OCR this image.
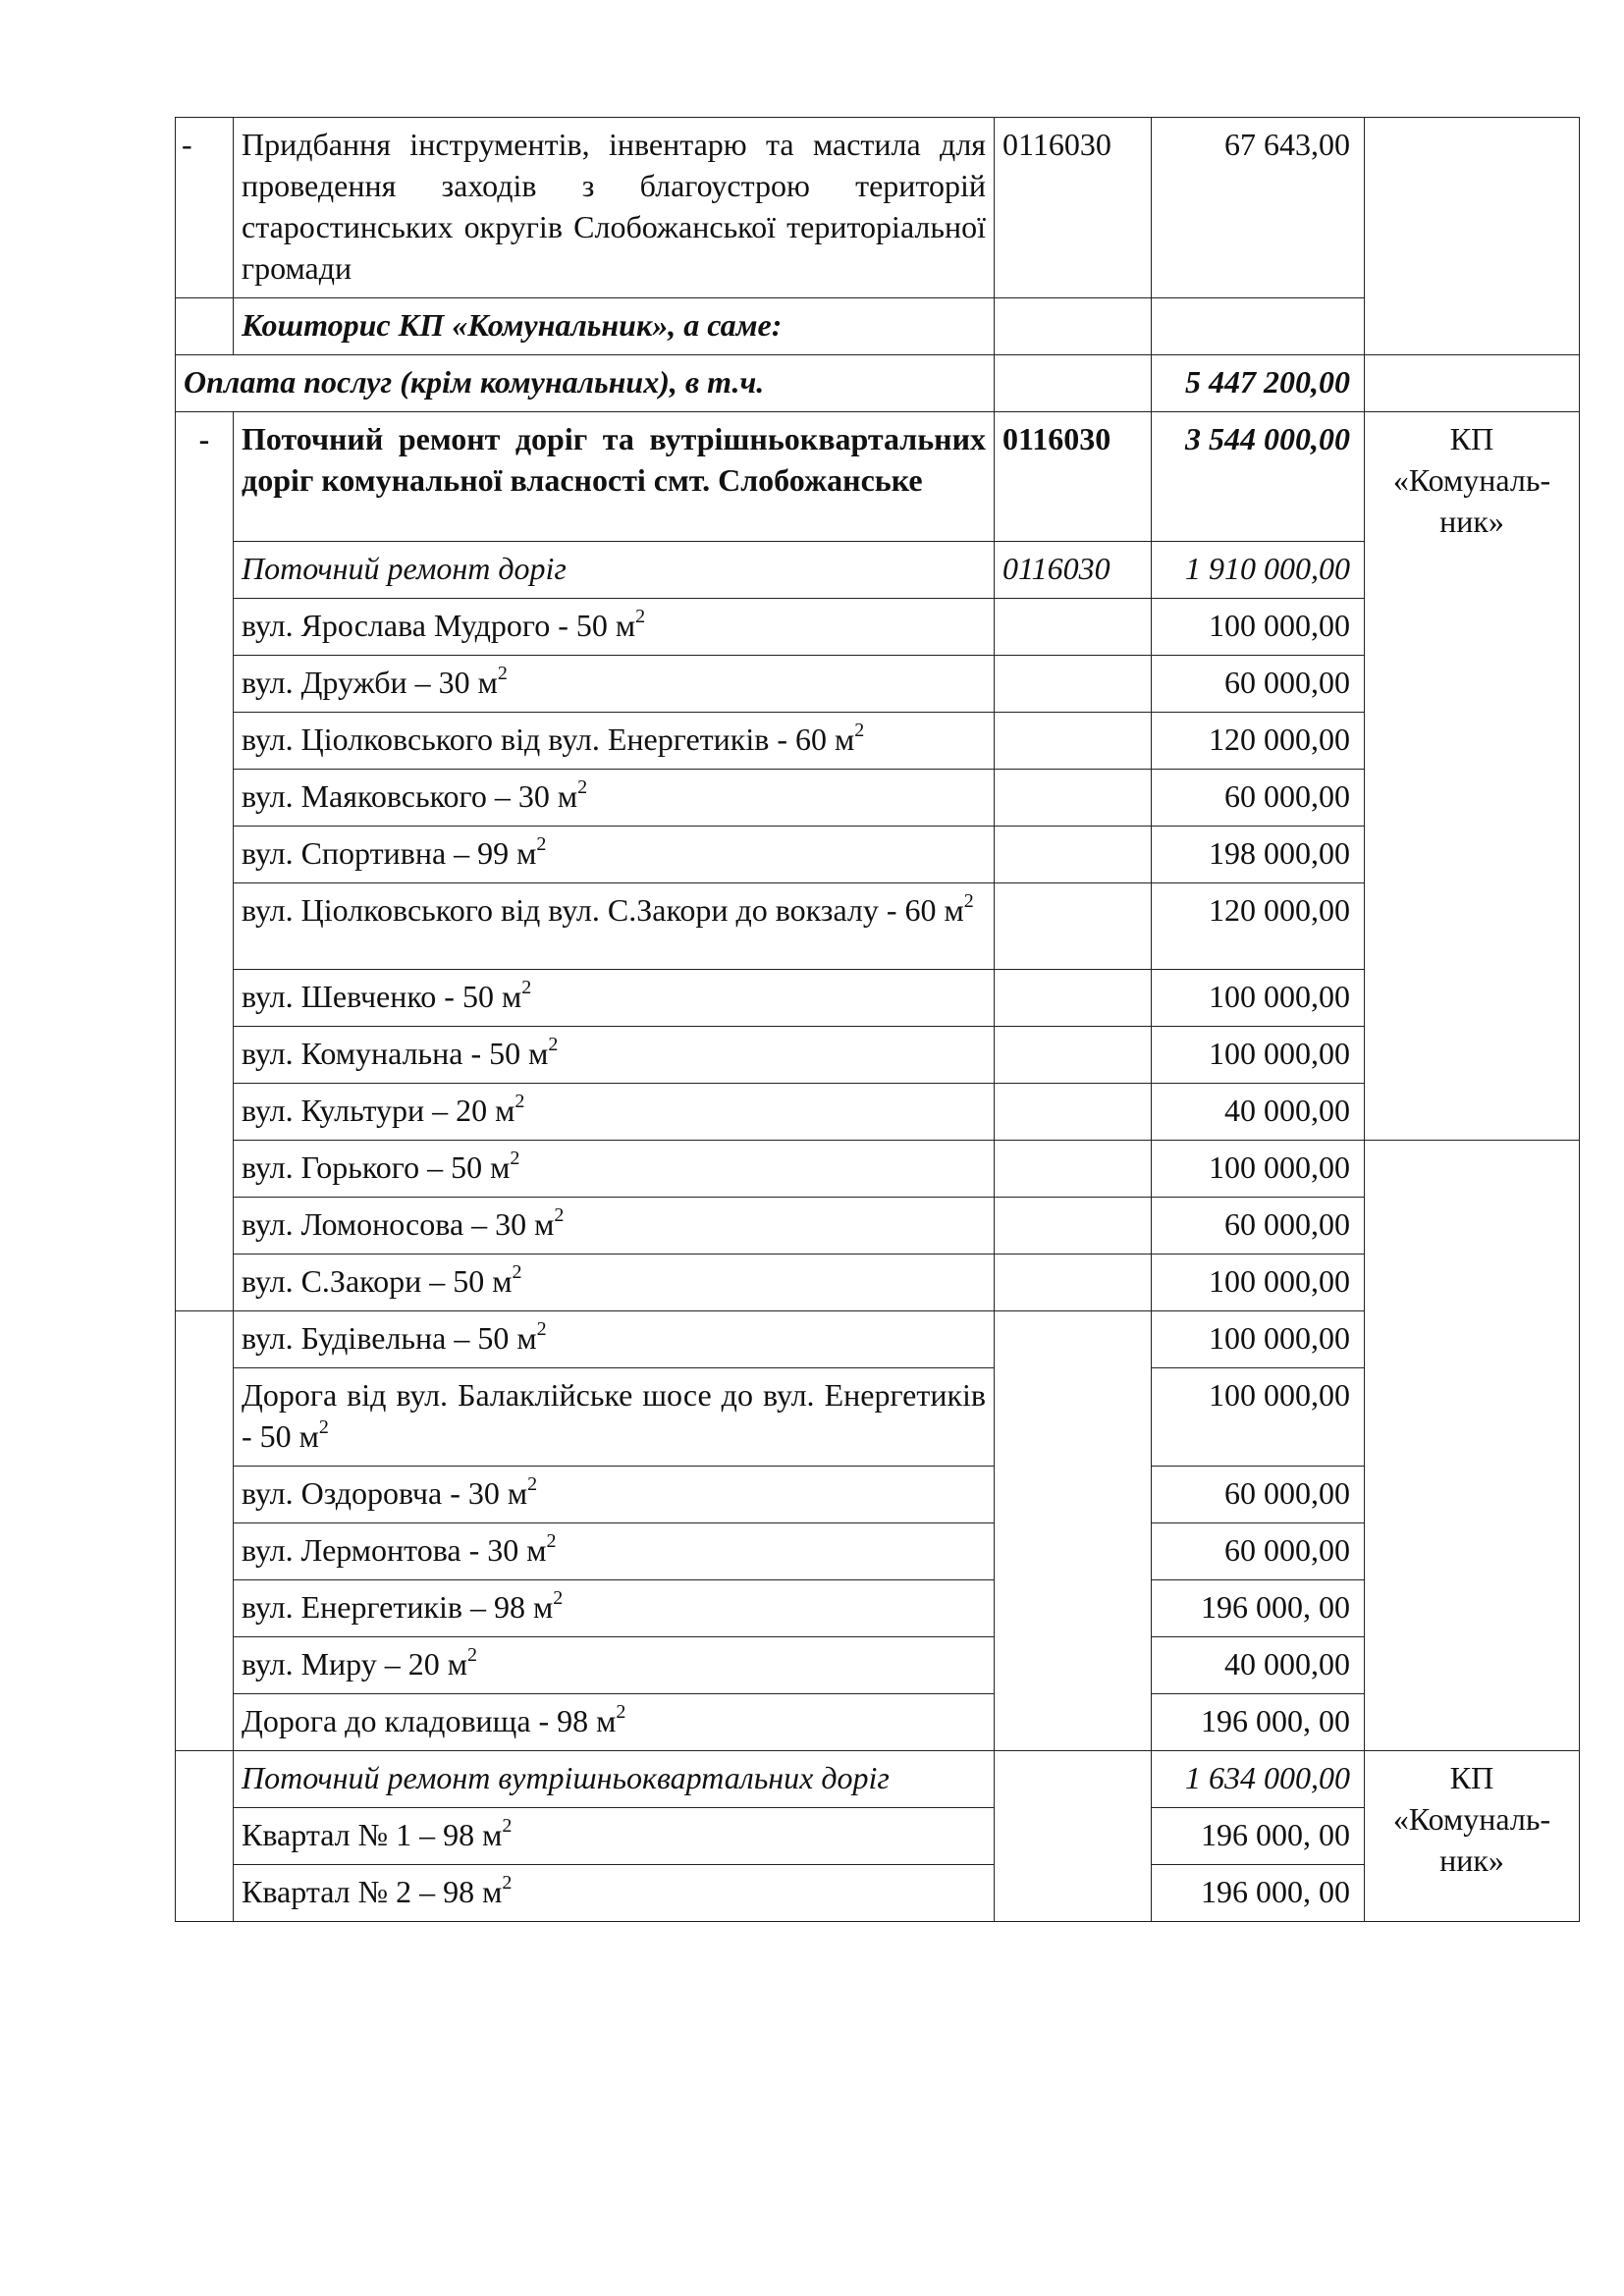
-	Придбання інструментів, інвентарю та мастила для проведення заходів з благоустрою територій старостинських округів Слобожанської територіальної громади	0116030	67 643,00		
	Кошторис КП «Комунальник», а саме:				
Оплата послуг (крім комунальних), в т.ч.			5 447 200,00		
-	Поточний ремонт доріг та вутрішньоквартальних доріг комунальної власності смт. Слобожанське	0116030	3 544 000,00	КП «Комуналь-ник»	
	Поточний ремонт доріг	0116030	1 910 000,00		
	вул. Ярослава Мудрого - 50 $м^2$		100 000,00		
	вул. Дружби – 30 $м^2$		60 000,00		
	вул. Ціолковського від вул. Енергетиків - 60 $м^2$		120 000,00		
	вул. Маяковського – 30 $м^2$		60 000,00		
	вул. Спортивна – 99 $м^2$		198 000,00		
	вул. Ціолковського від вул. С.Закори до вокзалу - 60 $м^2$		120 000,00		
	вул. Шевченко - 50 $м^2$		100 000,00		
	вул. Комунальна - 50 $м^2$		100 000,00		
	вул. Культури – 20 $м^2$		40 000,00		
	вул. Горького – 50 $м^2$		100 000,00		
	вул. Ломоносова – 30 $м^2$		60 000,00		
	вул. С.Закори – 50 $м^2$		100 000,00		
	вул. Будівельна – 50 $м^2$		100 000,00		
	Дорога від вул. Балаклійське шосе до вул. Енергетиків - 50 $м^2$		100 000,00		
	вул. Оздоровча - 30 $м^2$		60 000,00		
	вул. Лермонтова - 30 $м^2$		60 000,00		
	вул. Енергетиків – 98 $м^2$		196 000, 00		
	вул. Миру – 20 $м^2$		40 000,00		
	Дорога до кладовища - 98 $м^2$		196 000, 00		
	Поточний ремонт вутрішньоквартальних доріг		1 634 000,00	КП «Комуналь-ник»	
	Квартал № 1 – 98 $м^2$		196 000, 00		
	Квартал № 2 – 98 $м^2$		196 000, 00		
